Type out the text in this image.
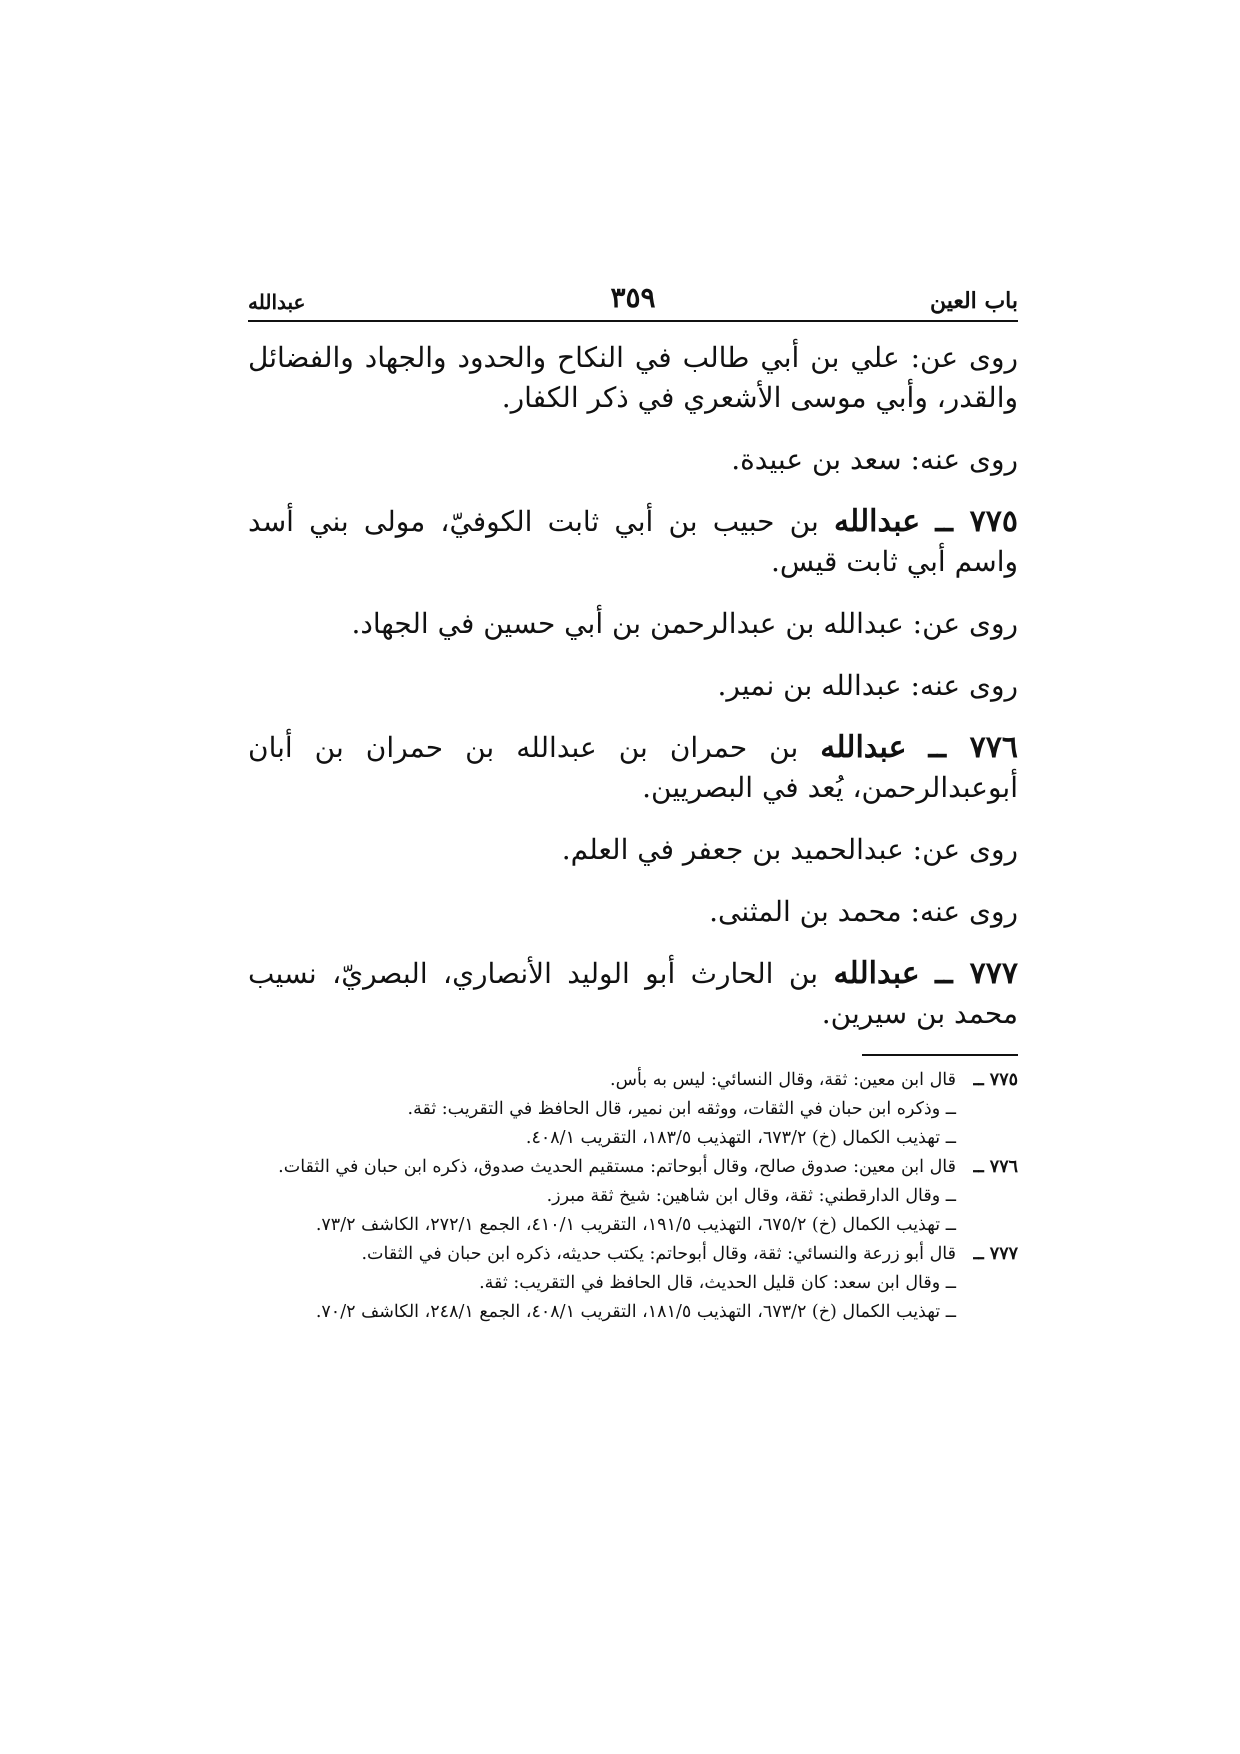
باب العين
٣٥٩
عبدالله

روى عن: علي بن أبي طالب في النكاح والحدود والجهاد والفضائل والقدر، وأبي موسى الأشعري في ذكر الكفار.

روى عنه: سعد بن عبيدة.

٧٧٥ ــ عبدالله بن حبيب بن أبي ثابت الكوفيّ، مولى بني أسد واسم أبي ثابت قيس.

روى عن: عبدالله بن عبدالرحمن بن أبي حسين في الجهاد.

روى عنه: عبدالله بن نمير.

٧٧٦ ــ عبدالله بن حمران بن عبدالله بن حمران بن أبان أبوعبدالرحمن، يُعد في البصريين.

روى عن: عبدالحميد بن جعفر في العلم.

روى عنه: محمد بن المثنى.

٧٧٧ ــ عبدالله بن الحارث أبو الوليد الأنصاري، البصريّ، نسيب محمد بن سيرين.

٧٧٥ ــ

قال ابن معين: ثقة، وقال النسائي: ليس به بأس.

ــ وذكره ابن حبان في الثقات، ووثقه ابن نمير، قال الحافظ في التقريب: ثقة.

ــ تهذيب الكمال (خ) ٦٧٣/٢، التهذيب ١٨٣/٥، التقريب ٤٠٨/١.

٧٧٦ ــ

قال ابن معين: صدوق صالح، وقال أبوحاتم: مستقيم الحديث صدوق، ذكره ابن حبان في الثقات.

ــ وقال الدارقطني: ثقة، وقال ابن شاهين: شيخ ثقة مبرز.

ــ تهذيب الكمال (خ) ٦٧٥/٢، التهذيب ١٩١/٥، التقريب ٤١٠/١، الجمع ٢٧٢/١، الكاشف ٧٣/٢.

٧٧٧ ــ

قال أبو زرعة والنسائي: ثقة، وقال أبوحاتم: يكتب حديثه، ذكره ابن حبان في الثقات.

ــ وقال ابن سعد: كان قليل الحديث، قال الحافظ في التقريب: ثقة.

ــ تهذيب الكمال (خ) ٦٧٣/٢، التهذيب ١٨١/٥، التقريب ٤٠٨/١، الجمع ٢٤٨/١، الكاشف ٧٠/٢.
